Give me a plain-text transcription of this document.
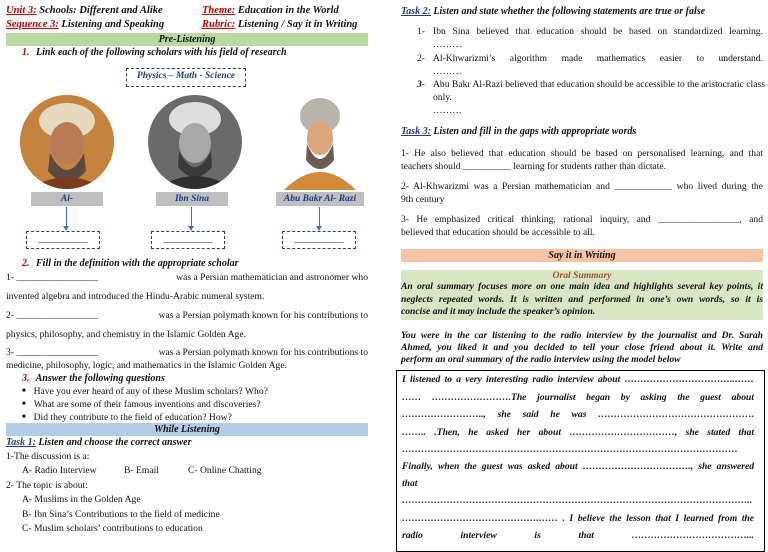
Unit 3: Schools: Different and Alike	Theme: Education in the World
Sequence 3: Listening and Speaking	Rubric: Listening / Say it in Writing
Pre-Listening
1. Link each of the following scholars with his field of research
Physics – Math - Science
Al-	Ibn Sina	Abu Bakr Al- Razi
___________	___________	___________
2. Fill in the definition with the appropriate scholar
1- _________________	was a Persian mathematician and astronomer who
invented algebra and introduced the Hindu-Arabic numeral system.
2- _________________	was a Persian polymath known for his contributions to
physics, philosophy, and chemistry in the Islamic Golden Age.
3- _________________	was a Persian polymath known for his contributions to
medicine, philosophy, logic, and mathematics in the Islamic Golden Age.
3. Answer the following questions
■ Have you ever heard of any of these Muslim scholars? Who?
■ What are some of their famous inventions and discoveries?
■ Did they contribute to the field of education? How?
While Listening
Task 1: Listen and choose the correct answer
1-The discussion is a:
A- Radio Interview	B- Email	C- Online Chatting
2- The topic is about:
A- Muslims in the Golden Age
B- Ibn Sina’s Contributions to the field of medicine
C- Muslim scholars’ contributions to education
Task 2: Listen and state whether the following statements are true or false
1- Ibn Sina believed that education should be based on standardized learning.
………
2- Al-Khwarizmi’s algorithm made mathematics easier to understand.
………
3- Abu Bakr Al-Razi believed that education should be accessible to the aristocratic class
only.
………
Task 3: Listen and fill in the gaps with appropriate words
1- He also believed that education should be based on personalised learning, and that
teachers should __________ learning for students rather than dictate.
2- Al-Khwarizmi was a Persian mathematician and ____________ who lived during the
9th century
3- He emphasized critical thinking, rational inquiry, and _________________, and
believed that education should be accessible to all.
Say it in Writing
Oral Summary
An oral summary focuses more on one main idea and highlights several key points, it
neglects repeated words. It is written and performed in one’s own words, so it is
concise and it may include the speaker’s opinion.
You were in the car listening to the radio interview by the journalist and Dr. Sarah
Ahmed, you liked it and you decided to tell your close friend about it. Write and
perform an oral summary of the radio interview using the model below
I listened to a very interesting radio interview about ……………………………..……
…… …………………….The journalist began by asking the guest about
…………………….., she said he was ………………………………………….
…….. .Then, he asked her about ……………………………, she stated that
……………………………………………………………………………………………
Finally, when the guest was asked about ……………………………., she answered
that
………………………………………………………………………………………………..
…………………………………….…… . I believe the lesson that I learned from the
radio interview is that ………………………………...
